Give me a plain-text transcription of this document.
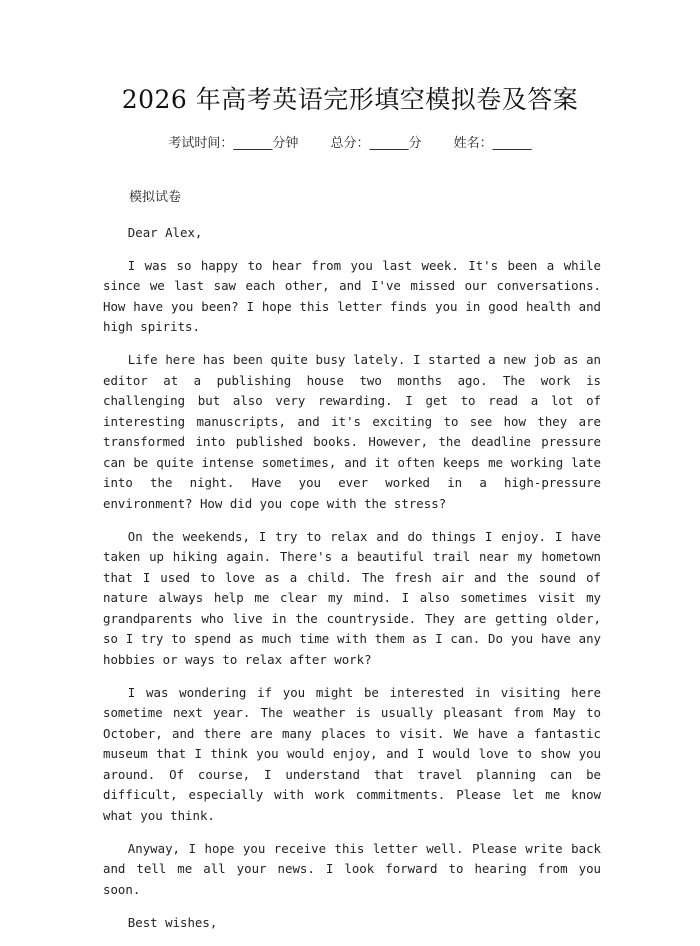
2026 年高考英语完形填空模拟卷及答案
考试时间：______分钟 总分：______分 姓名：______

模拟试卷

Dear Alex,

I was so happy to hear from you last week. It's been a while since we last saw each other, and I've missed our conversations. How have you been? I hope this letter finds you in good health and high spirits.

Life here has been quite busy lately. I started a new job as an editor at a publishing house two months ago. The work is challenging but also very rewarding. I get to read a lot of interesting manuscripts, and it's exciting to see how they are transformed into published books. However, the deadline pressure can be quite intense sometimes, and it often keeps me working late into the night. Have you ever worked in a high-pressure environment? How did you cope with the stress?

On the weekends, I try to relax and do things I enjoy. I have taken up hiking again. There's a beautiful trail near my hometown that I used to love as a child. The fresh air and the sound of nature always help me clear my mind. I also sometimes visit my grandparents who live in the countryside. They are getting older, so I try to spend as much time with them as I can. Do you have any hobbies or ways to relax after work?

I was wondering if you might be interested in visiting here sometime next year. The weather is usually pleasant from May to October, and there are many places to visit. We have a fantastic museum that I think you would enjoy, and I would love to show you around. Of course, I understand that travel planning can be difficult, especially with work commitments. Please let me know what you think.

Anyway, I hope you receive this letter well. Please write back and tell me all your news. I look forward to hearing from you soon.

Best wishes,
